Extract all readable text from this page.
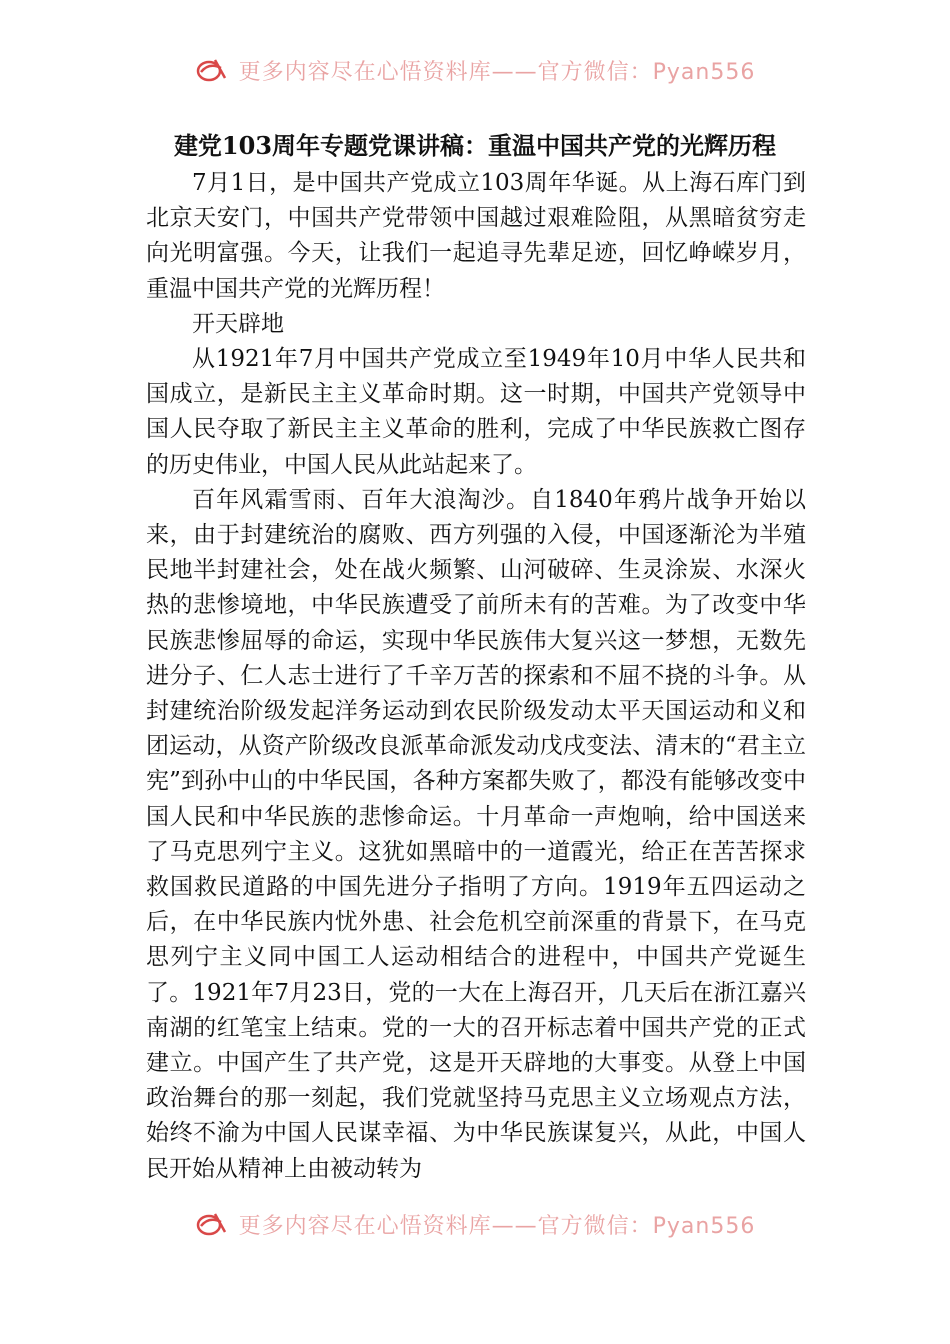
更多内容尽在心悟资料库——官方微信：Pyan556
建党103周年专题党课讲稿：重温中国共产党的光辉历程

7月1日，是中国共产党成立103周年华诞。从上海石库门到北京天安门，中国共产党带领中国越过艰难险阻，从黑暗贫穷走向光明富强。今天，让我们一起追寻先辈足迹，回忆峥嵘岁月，重温中国共产党的光辉历程！

开天辟地

从1921年7月中国共产党成立至1949年10月中华人民共和国成立，是新民主主义革命时期。这一时期，中国共产党领导中国人民夺取了新民主主义革命的胜利，完成了中华民族救亡图存的历史伟业，中国人民从此站起来了。

百年风霜雪雨、百年大浪淘沙。自1840年鸦片战争开始以来，由于封建统治的腐败、西方列强的入侵，中国逐渐沦为半殖民地半封建社会，处在战火频繁、山河破碎、生灵涂炭、水深火热的悲惨境地，中华民族遭受了前所未有的苦难。为了改变中华民族悲惨屈辱的命运，实现中华民族伟大复兴这一梦想，无数先进分子、仁人志士进行了千辛万苦的探索和不屈不挠的斗争。从封建统治阶级发起洋务运动到农民阶级发动太平天国运动和义和团运动，从资产阶级改良派革命派发动戊戌变法、清末的“君主立宪”到孙中山的中华民国，各种方案都失败了，都没有能够改变中国人民和中华民族的悲惨命运。十月革命一声炮响，给中国送来了马克思列宁主义。这犹如黑暗中的一道霞光，给正在苦苦探求救国救民道路的中国先进分子指明了方向。1919年五四运动之后，在中华民族内忧外患、社会危机空前深重的背景下，在马克思列宁主义同中国工人运动相结合的进程中，中国共产党诞生了。1921年7月23日，党的一大在上海召开，几天后在浙江嘉兴南湖的红笔宝上结束。党的一大的召开标志着中国共产党的正式建立。中国产生了共产党，这是开天辟地的大事变。从登上中国政治舞台的那一刻起，我们党就坚持马克思主义立场观点方法，始终不渝为中国人民谋幸福、为中华民族谋复兴，从此，中国人民开始从精神上由被动转为

更多内容尽在心悟资料库——官方微信：Pyan556
